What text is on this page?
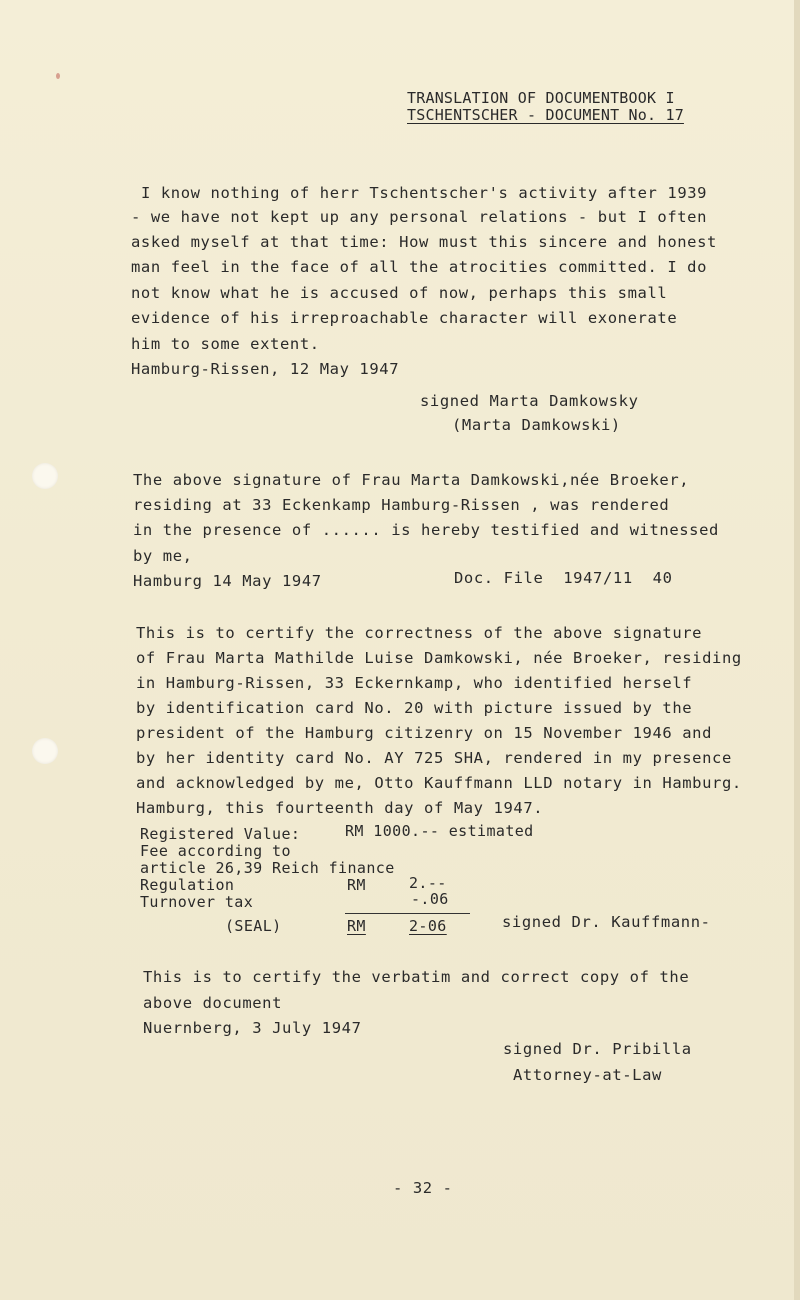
TRANSLATION OF DOCUMENTBOOK I
TSCHENTSCHER - DOCUMENT No. 17
I know nothing of herr Tschentscher's activity after 1939
- we have not kept up any personal relations - but I often
asked myself at that time: How must this sincere and honest
man feel in the face of all the atrocities committed. I do
not know what he is accused of now, perhaps this small
evidence of his irreproachable character will exonerate
him to some extent.
Hamburg-Rissen, 12 May 1947
signed Marta Damkowsky
(Marta Damkowski)
The above signature of Frau Marta Damkowski,née Broeker,
residing at 33 Eckenkamp Hamburg-Rissen , was rendered
in the presence of ...... is hereby testified and witnessed
by me,
Hamburg 14 May 1947	Doc. File  1947/11  40
This is to certify the correctness of the above signature
of Frau Marta Mathilde Luise Damkowski, née Broeker, residing
in Hamburg-Rissen, 33 Eckernkamp, who identified herself
by identification card No. 20 with picture issued by the
president of the Hamburg citizenry on 15 November 1946 and
by her identity card No. AY 725 SHA, rendered in my presence
and acknowledged by me, Otto Kauffmann LLD notary in Hamburg.
Hamburg, this fourteenth day of May 1947.
Registered Value:	RM 1000.-- estimated
Fee according to
article 26,39 Reich finance
Regulation	RM	2.--
Turnover tax	-.06
(SEAL)	RM	2-06	signed Dr. Kauffmann-
This is to certify the verbatim and correct copy of the
above document
Nuernberg, 3 July 1947
signed Dr. Pribilla
Attorney-at-Law
- 32 -
